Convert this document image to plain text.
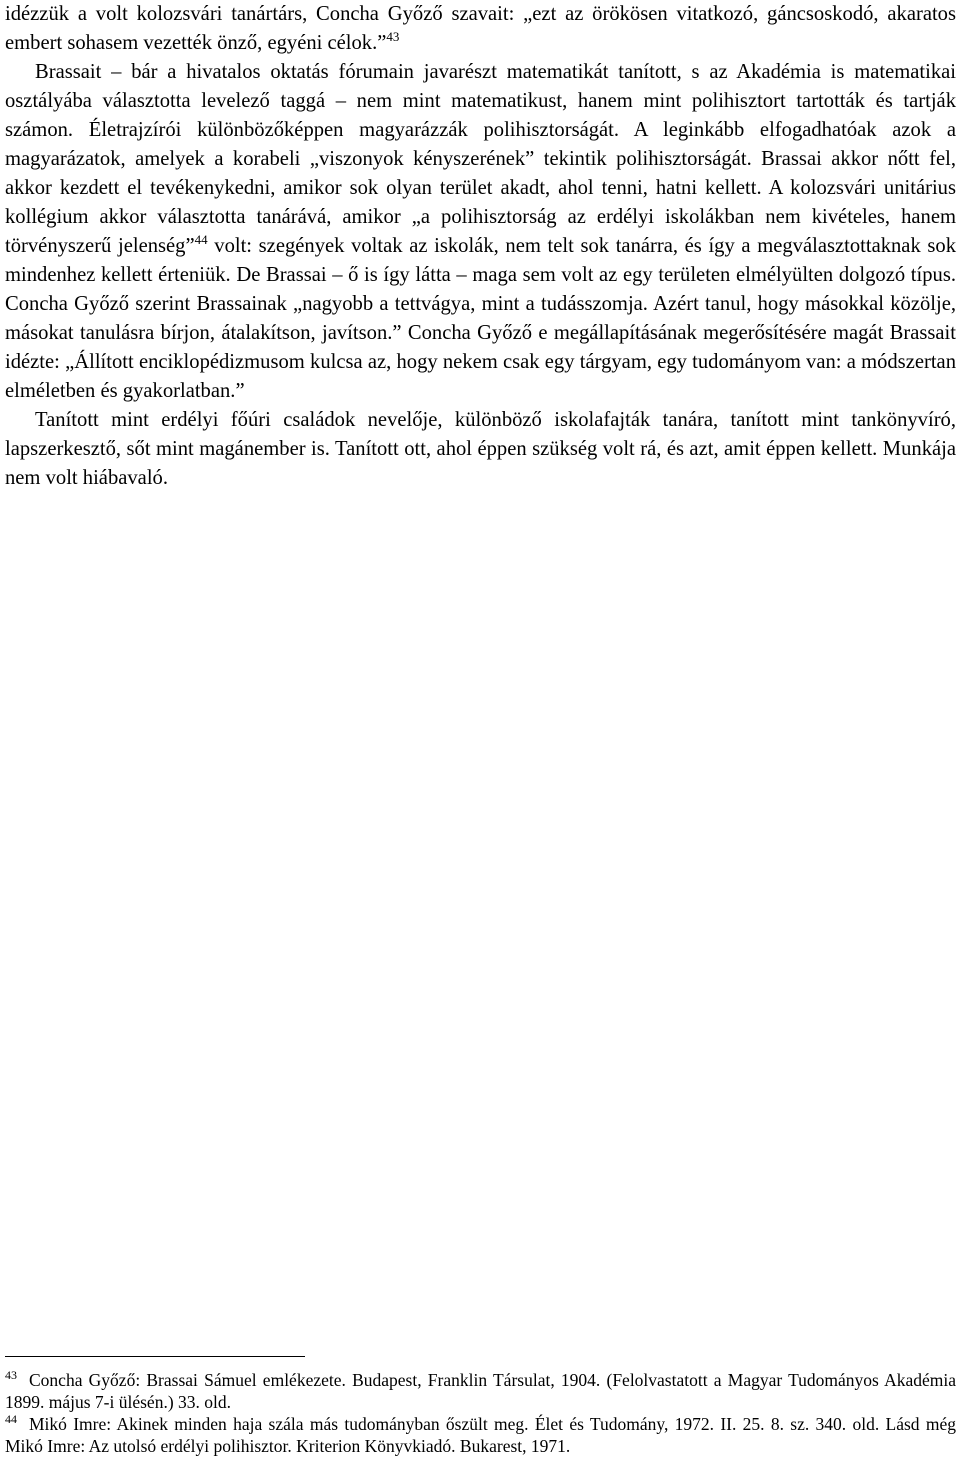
idézzük a volt kolozsvári tanártárs, Concha Győző szavait: „ezt az örökösen vitatkozó, gáncsoskodó, akaratos embert sohasem vezették önző, egyéni célok.”$^{43}$

Brassait – bár a hivatalos oktatás fórumain javarészt matematikát tanított, s az Akadémia is matematikai osztályába választotta levelező taggá – nem mint matematikust, hanem mint polihisztort tartották és tartják számon. Életrajzírói különbözőképpen magyarázzák polihisztorságát. A leginkább elfogadhatóak azok a magyarázatok, amelyek a korabeli „viszonyok kényszerének” tekintik polihisztorságát. Brassai akkor nőtt fel, akkor kezdett el tevékenykedni, amikor sok olyan terület akadt, ahol tenni, hatni kellett. A kolozsvári unitárius kollégium akkor választotta tanárává, amikor „a polihisztorság az erdélyi iskolákban nem kivételes, hanem törvényszerű jelenség”$^{44}$ volt: szegények voltak az iskolák, nem telt sok tanárra, és így a megválasztottaknak sok mindenhez kellett érteniük. De Brassai – ő is így látta – maga sem volt az egy területen elmélyülten dolgozó típus. Concha Győző szerint Brassainak „nagyobb a tettvágya, mint a tudásszomja. Azért tanul, hogy másokkal közölje, másokat tanulásra bírjon, átalakítson, javítson.” Concha Győző e megállapításának megerősítésére magát Brassait idézte: „Állított enciklopédizmusom kulcsa az, hogy nekem csak egy tárgyam, egy tudományom van: a módszertan elméletben és gyakorlatban.”

Tanított mint erdélyi főúri családok nevelője, különböző iskolafajták tanára, tanított mint tankönyvíró, lapszerkesztő, sőt mint magánember is. Tanított ott, ahol éppen szükség volt rá, és azt, amit éppen kellett. Munkája nem volt hiábavaló.

$^{43}$ Concha Győző: Brassai Sámuel emlékezete. Budapest, Franklin Társulat, 1904. (Felolvastatott a Magyar Tudományos Akadémia 1899. május 7-i ülésén.) 33. old.

$^{44}$ Mikó Imre: Akinek minden haja szála más tudományban őszült meg. Élet és Tudomány, 1972. II. 25. 8. sz. 340. old. Lásd még Mikó Imre: Az utolsó erdélyi polihisztor. Kriterion Könyvkiadó. Bukarest, 1971.
